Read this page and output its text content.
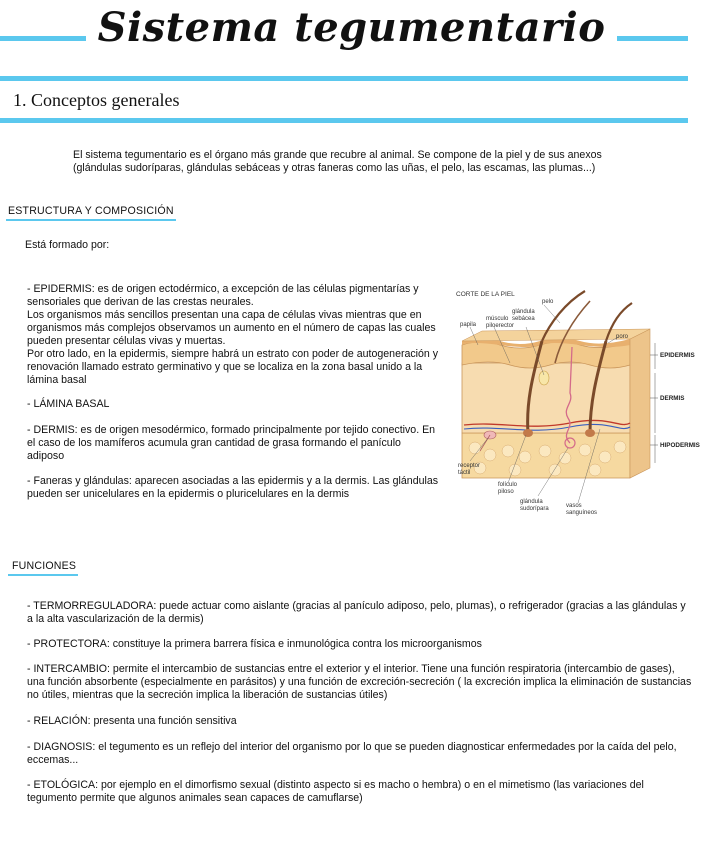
Sistema tegumentario
1. Conceptos generales

El sistema tegumentario es el órgano más grande que recubre al animal. Se compone de la piel y de sus anexos (glándulas sudoríparas, glándulas sebáceas y otras faneras como las uñas, el pelo, las escamas, las plumas...)

ESTRUCTURA Y COMPOSICIÓN

Está formado por:

- EPIDERMIS: es de origen ectodérmico, a excepción de las células pigmentarías y sensoriales que derivan de las crestas neurales.

Los organismos más sencillos presentan una capa de células vivas mientras que en organismos más complejos observamos un aumento en el número de capas las cuales pueden presentar células vivas y muertas.

Por otro lado, en la epidermis, siempre habrá un estrato con poder de autogeneración y renovación llamado estrato germinativo y que se localiza en la zona basal unido a la lámina basal

- LÁMINA BASAL

- DERMIS: es de origen mesodérmico, formado principalmente por tejido conectivo. En el caso de los mamíferos acumula gran cantidad de grasa formando el panículo adiposo

- Faneras y glándulas: aparecen asociadas a las epidermis y a la dermis. Las glándulas pueden ser unicelulares en la epidermis o pluricelulares en la dermis

CORTE DE LA PIEL
EPIDERMIS
DERMIS
HIPODERMIS
pelo
glándula
sebácea
papila
músculo
piloerector
poro
receptor
táctil
folículo
piloso
glándula
sudorípara	vasos
sanguíneos
FUNCIONES

- TERMORREGULADORA: puede actuar como aislante (gracias al panículo adiposo, pelo, plumas), o refrigerador (gracias a las glándulas y a la alta vascularización de la dermis)

- PROTECTORA: constituye la primera barrera física e inmunológica contra los microorganismos

- INTERCAMBIO: permite el intercambio de sustancias entre el exterior y el interior. Tiene una función respiratoria (intercambio de gases), una función absorbente (especialmente en parásitos) y una función de excreción-secreción ( la excreción implica la eliminación de sustancias no útiles, mientras que la secreción implica la liberación de sustancias útiles)

- RELACIÓN: presenta una función sensitiva

- DIAGNOSIS: el tegumento es un reflejo del interior del organismo por lo que se pueden diagnosticar enfermedades por la caída del pelo, eccemas...

- ETOLÓGICA: por ejemplo en el dimorfismo sexual (distinto aspecto si es macho o hembra) o en el mimetismo (las variaciones del tegumento permite que algunos animales sean capaces de camuflarse)
